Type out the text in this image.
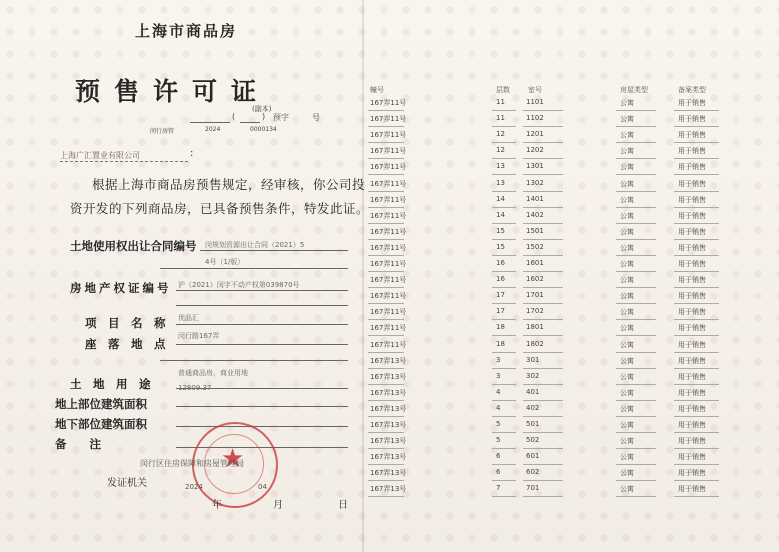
上海市商品房
预售许可证
(	) 预字	号
(副本)
闵行房管	2024	0000134
上海广汇置业有限公司	:
根据上海市商品房预售规定，经审核，你公司投
资开发的下列商品房，已具备预售条件，特发此证。
土地使用权出让合同编号 闵规划资源出让合同（2021）5
4号（1/版）
房地产权证编号 沪（2021）闵字不动产权第039870号
项　目　名　称 优品汇
座　落　地　点
闵行路167弄
普通商品房，商业用地
土　地　用　途	12809.37
地上部位建筑面积
地下部位建筑面积
备　　注	★
闵行区住房保障和房屋管理局
发证机关	2024	04
年	月	日
幢号	层数	室号	房屋类型	备案类型
167弄11号	11	1101	公寓	用于销售
167弄11号	11	1102	公寓	用于销售
167弄11号	12	1201	公寓	用于销售
167弄11号	12	1202	公寓	用于销售
167弄11号	13	1301	公寓	用于销售
167弄11号	13	1302	公寓	用于销售
167弄11号	14	1401	公寓	用于销售
167弄11号	14	1402	公寓	用于销售
167弄11号	15	1501	公寓	用于销售
167弄11号	15	1502	公寓	用于销售
167弄11号	16	1601	公寓	用于销售
167弄11号	16	1602	公寓	用于销售
167弄11号	17	1701	公寓	用于销售
167弄11号	17	1702	公寓	用于销售
167弄11号	18	1801	公寓	用于销售
167弄11号	18	1802	公寓	用于销售
167弄13号	3	301	公寓	用于销售
167弄13号	3	302	公寓	用于销售
167弄13号	4	401	公寓	用于销售
167弄13号	4	402	公寓	用于销售
167弄13号	5	501	公寓	用于销售
167弄13号	5	502	公寓	用于销售
167弄13号	6	601	公寓	用于销售
167弄13号	6	602	公寓	用于销售
167弄13号	7	701	公寓	用于销售
